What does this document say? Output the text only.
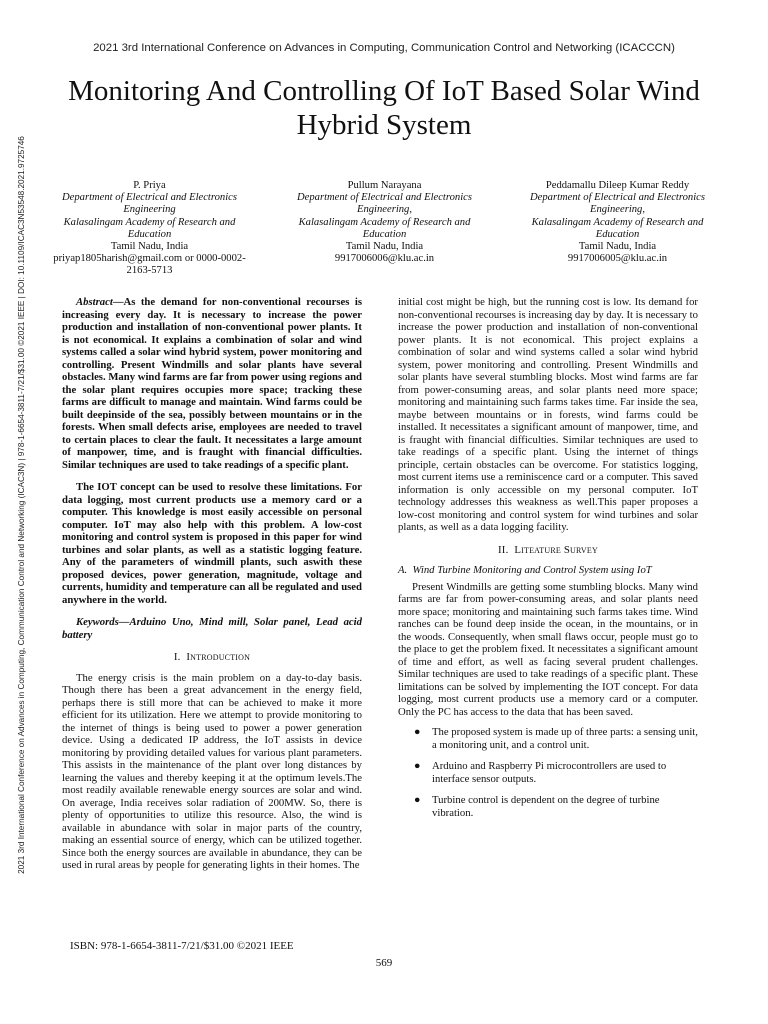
2021 3rd International Conference on Advances in Computing, Communication Control and Networking (ICAC3N) | 978-1-6654-3811-7/21/$31.00 ©2021 IEEE | DOI: 10.1109/ICAC3N53548.2021.9725746
2021 3rd International Conference on Advances in Computing, Communication Control and Networking (ICACCCN)
Monitoring And Controlling Of IoT Based Solar Wind Hybrid System
P. Priya
Department of Electrical and Electronics Engineering
Kalasalingam Academy of Research and Education
Tamil Nadu, India
priyap1805harish@gmail.com or 0000-0002-2163-5713
Pullum Narayana
Department of Electrical and Electronics Engineering,
Kalasalingam Academy of Research and Education
Tamil Nadu, India
9917006006@klu.ac.in
Peddamallu Dileep Kumar Reddy
Department of Electrical and Electronics Engineering,
Kalasalingam Academy of Research and Education
Tamil Nadu, India
9917006005@klu.ac.in

Abstract—As the demand for non-conventional recourses is increasing every day. It is necessary to increase the power production and installation of non-conventional power plants. It is not economical. It explains a combination of solar and wind systems called a solar wind hybrid system, power monitoring and controlling. Present Windmills and solar plants have several obstacles. Many wind farms are far from power using regions and the solar plant requires occupies more space; tracking these farms are difficult to manage and maintain. Wind farms could be built deepinside of the sea, possibly between mountains or in the forests. When small defects arise, employees are needed to travel to certain places to clear the fault. It necessitates a large amount of manpower, time, and is fraught with financial difficulties. Similar techniques are used to take readings of a specific plant.

The IOT concept can be used to resolve these limitations. For data logging, most current products use a memory card or a computer. This knowledge is most easily accessible on personal computer. IoT may also help with this problem. A low-cost monitoring and control system is proposed in this paper for wind turbines and solar plants, as well as a statistic logging feature. Any of the parameters of windmill plants, such aswith these proposed devices, power generation, magnitude, voltage and currents, humidity and temperature can all be regulated and used anywhere in the world.

Keywords—Arduino Uno, Mind mill, Solar panel, Lead acid battery

I. Introduction

The energy crisis is the main problem on a day-to-day basis. Though there has been a great advancement in the energy field, perhaps there is still more that can be achieved to make it more efficient for its utilization. Here we attempt to provide monitoring to the internet of things is being used to power a power generation device. Using a dedicated IP address, the IoT assists in device monitoring by providing detailed values for various plant parameters. This assists in the maintenance of the plant over long distances by learning the values and thereby keeping it at the optimum levels.The most readily available renewable energy sources are solar and wind. On average, India receives solar radiation of 200MW. So, there is plenty of opportunities to utilize this resource. Also, the wind is available in abundance with solar in major parts of the country, making an essential source of energy, which can be utilized together. Since both the energy sources are available in abundance, they can be used in rural areas by people for generating lights in their homes. The

initial cost might be high, but the running cost is low. Its demand for non-conventional recourses is increasing day by day. It is necessary to increase the power production and installation of non-conventional power plants. It is not economical. This project explains a combination of solar and wind systems called a solar wind hybrid system, power monitoring and controlling. Present Windmills and solar plants have several stumbling blocks. Most wind farms are far from power-consuming areas, and solar plants need more space; monitoring and maintaining such farms takes time. Far inside the sea, maybe between mountains or in forests, wind farms could be installed. It necessitates a significant amount of manpower, time, and is fraught with financial difficulties. Similar techniques are used to take readings of a specific plant. Using the internet of things principle, certain obstacles can be overcome. For statistics logging, most current items use a reminiscence card or a computer. This saved information is only accessible on my personal computer. IoT technology addresses this weakness as well.This paper proposes a low-cost monitoring and control system for wind turbines and solar plants, as well as a data logging facility.

II. Liteature Survey
A. Wind Turbine Monitoring and Control System using IoT

Present Windmills are getting some stumbling blocks. Many wind farms are far from power-consuming areas, and solar plants need more space; monitoring and maintaining such farms takes time. Wind ranches can be found deep inside the ocean, in the mountains, or in the woods. Consequently, when small flaws occur, people must go to the place to get the problem fixed. It necessitates a significant amount of time and effort, as well as facing several prudent challenges. Similar techniques are used to take readings of a specific plant. These limitations can be solved by implementing the IOT concept. For data logging, most current products use a memory card or a computer. Only the PC has access to the data that has been saved.

● The proposed system is made up of three parts: a sensing unit, a monitoring unit, and a control unit.
● Arduino and Raspberry Pi microcontrollers are used to interface sensor outputs.
● Turbine control is dependent on the degree of turbine vibration.
ISBN: 978-1-6654-3811-7/21/$31.00 ©2021 IEEE
569
